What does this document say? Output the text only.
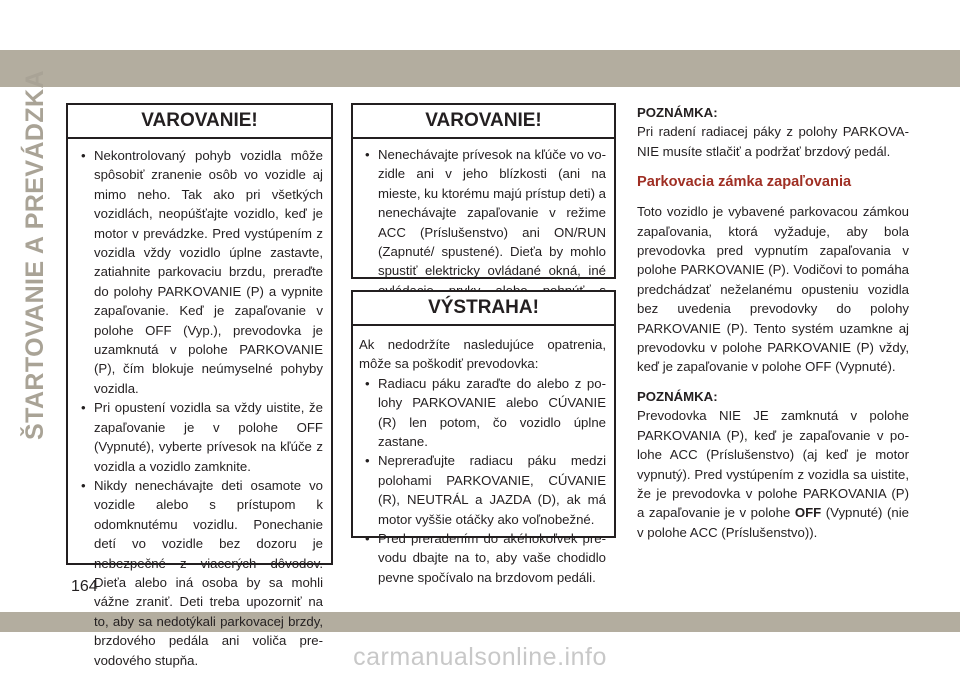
ŠTARTOVANIE A PREVÁDZKA	VAROVANIE!
• Nekontrolovaný pohyb vozidla môže spôsobiť zranenie osôb vo vozidle aj mimo neho. Tak ako pri všetkých vozidlách, neopúšťajte vozidlo, keď je motor v prevádzke. Pred vystúpením z vozidla vždy vozidlo úplne zastavte, zatiahnite parkovaciu brzdu, preraďte do polohy PARKOVANIE (P) a vypnite zapaľovanie. Keď je zapaľovanie v polohe OFF (Vyp.), prevodovka je uzamknutá v polohe PARKOVANIE (P), čím blokuje neúmyselné pohyby vozidla.
• Pri opustení vozidla sa vždy uistite, že zapaľovanie je v polohe OFF (Vypnuté), vyberte prívesok na kľúče z vozidla a vozidlo zamknite.
• Nikdy nenechávajte deti osamote vo vozidle alebo s prístupom k odomknutému vozidlu. Ponechanie detí vo vozidle bez dozoru je nebezpečné z viacerých dôvodov. Dieťa alebo iná osoba by sa mohli vážne zraniť. Deti treba upozorniť na to, aby sa nedotýkali parkovacej brzdy, brzdového pedála ani voliča prevodového stupňa.
VAROVANIE!
• Nenechávajte prívesok na kľúče vo vozidle ani v jeho blízkosti (ani na mieste, ku ktorému majú prístup deti) a nenechávajte zapaľovanie v režime ACC (Príslušenstvo) ani ON/RUN (Zapnuté/ spustené). Dieťa by mohlo spustiť elektricky ovládané okná, iné
VÝSTRAHA!
Ak nedodržíte nasledujúce opatrenia, môže sa poškodiť prevodovka:
• Radiacu páku zaraďte do alebo z polohy PARKOVANIE alebo CÚVANIE (R) len potom, čo vozidlo úplne zastane.
• Nepreraďujte radiacu páku medzi polohami PARKOVANIE, CÚVANIE (R), NEUTRÁL a JAZDA (D), ak má motor vyššie otáčky ako voľnobežné.
• Pred preradením do akéhokoľvek prevodu dbajte na to, aby vaše chodidlo pevne spočívalo na brzdovom pedáli.
POZNÁMKA:

Pri radení radiacej páky z polohy PARKOVANIE musíte stlačiť a podržať brzdový pedál.

Parkovacia zámka zapaľovania

Toto vozidlo je vybavené parkovacou zámkou zapaľovania, ktorá vyžaduje, aby bola prevodovka pred vypnutím zapaľovania v polohe PARKOVANIE (P). Vodičovi to pomáha predchádzať neželanému opusteniu vozidla bez uvedenia prevodovky do polohy PARKOVANIE (P). Tento systém uzamkne aj prevodovku v polohe PARKOVANIE (P) vždy, keď je zapaľovanie v polohe OFF (Vypnuté).

POZNÁMKA:

Prevodovka NIE JE zamknutá v polohe PARKOVANIA (P), keď je zapaľovanie v polohe ACC (Príslušenstvo) (aj keď je motor vypnutý). Pred vystúpením z vozidla sa uistite, že je prevodovka v polohe PARKOVANIA (P) a zapaľovanie je v polohe OFF (Vypnuté) (nie v polohe ACC (Príslušenstvo)).

164
carmanualsonline.info
